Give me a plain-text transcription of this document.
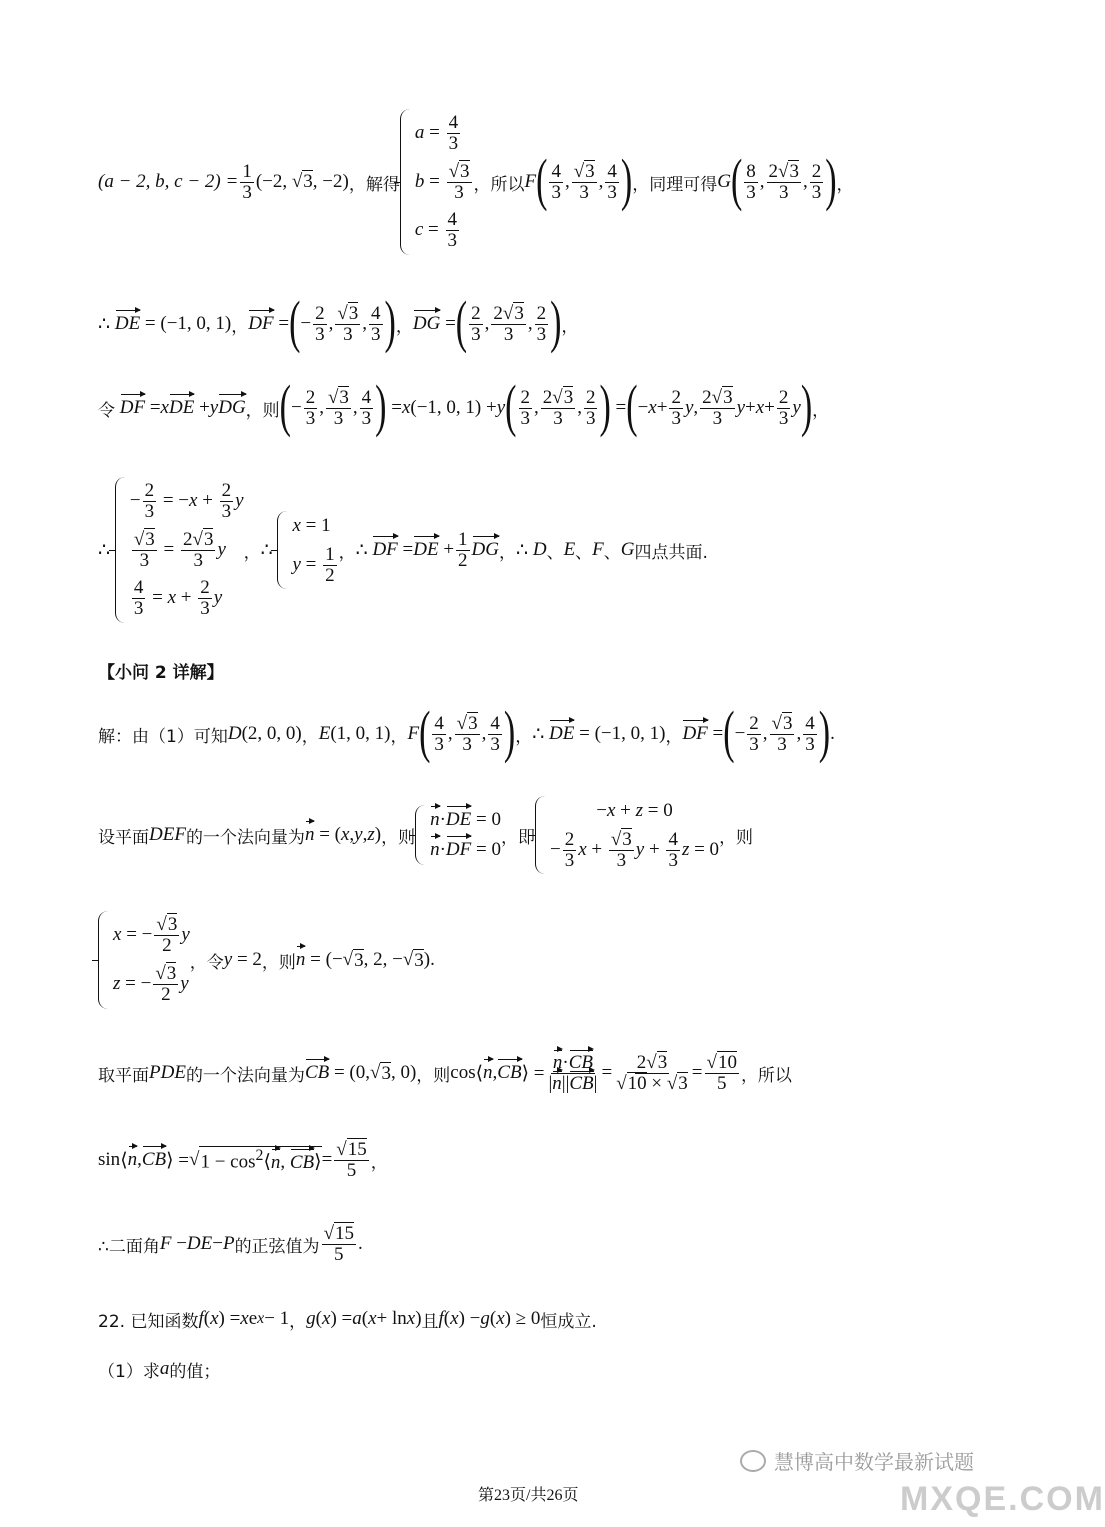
(a − 2, b, $c - 2) = \frac{1}{3} (-2$, √ 3, −2) ，解得
$a = \frac{4}{3}$
b = √ $\frac{3}{3}$
$c = \frac{4}{3}$
，所以 F ( 4
3 , √ 3
3 , 4
3 ) ，同理可得 G ( 8
3 , 2 √ 3
3 , 2
3 ) ，
∴
DE = (−1, 0, 1) ， DF = ( − 2
3 , √ 3
3 , 4
3 ) ， DG = ( 2
3 , 2 √ 3
3 , 2
3 ) ，
令
DF = x DE + y DG ，则 ( − 2
3 , √ 3
3 , 4
3 ) = x (−1, 0, 1) + y ( 2
3 , 2 √ 3
3 , 2
3 ) = ( − x + 2
3 y , 2 √ 3
3 y + x + 2
3 y ) ，
∴

− $\frac{2}{3} = -x + \frac{2}{3}$ y
√ $\frac{3}{3} = \frac{2 √ 3}{3}$ y
$\frac{4}{3} = x + \frac{2}{3}$ y
， ∴

x = 1
$y = \frac{1}{2}$ ， ∴
DF = DE + 1
2 DG ， ∴
D 、 E 、 F 、 G 四点共面.
【小问 2 详解】
解：由（1）可知 D (2, 0, 0) ， E (1, 0, 1) ， F ( 4
3 , √ 3
3 , 4
3 ) ， ∴
DE = (−1, 0, 1) ， DF = ( − 2
3 , √ 3
3 , 4
3 ) .
设平面 DEF 的一个法向量为 n = ( x , y , z ) ，则
n·DE = 0
n·DF = 0
，即
−x + z = 0
− $\frac{2}{3}$ x + √ $\frac{3}{3}$ $y + \frac{4}{3}$ z = 0
，则
x = − √ $\frac{3}{2}$ y
z = − √ $\frac{3}{2}$ y
，令 y = 2 ，则 n = (− √ 3 , 2, − √ 3 ) .
取平面 PDE 的一个法向量为 CB = (0, √ 3 , 0) ，则 cos ⟨ n , CB ⟩ =
n·CB
|n||CB| = 2 √ 3
√ 10 × √ 3 = √ 10
5 ，所以
sin ⟨ n , CB ⟩ = √ $1 - \cos^2⟨n$, CB⟩ = √ 15
5 ，
∴二面角 F − DE − P 的正弦值为
√ 15
5 .
22. 已知函数 f ( x ) = x e x − 1 ， g ( x ) = a ( x + ln x ) 且 f ( x ) − g ( x ) ≥ 0 恒成立.
（1）求 a 的值；
第23页/共26页
慧博高中数学最新试题
MXQE.COM
